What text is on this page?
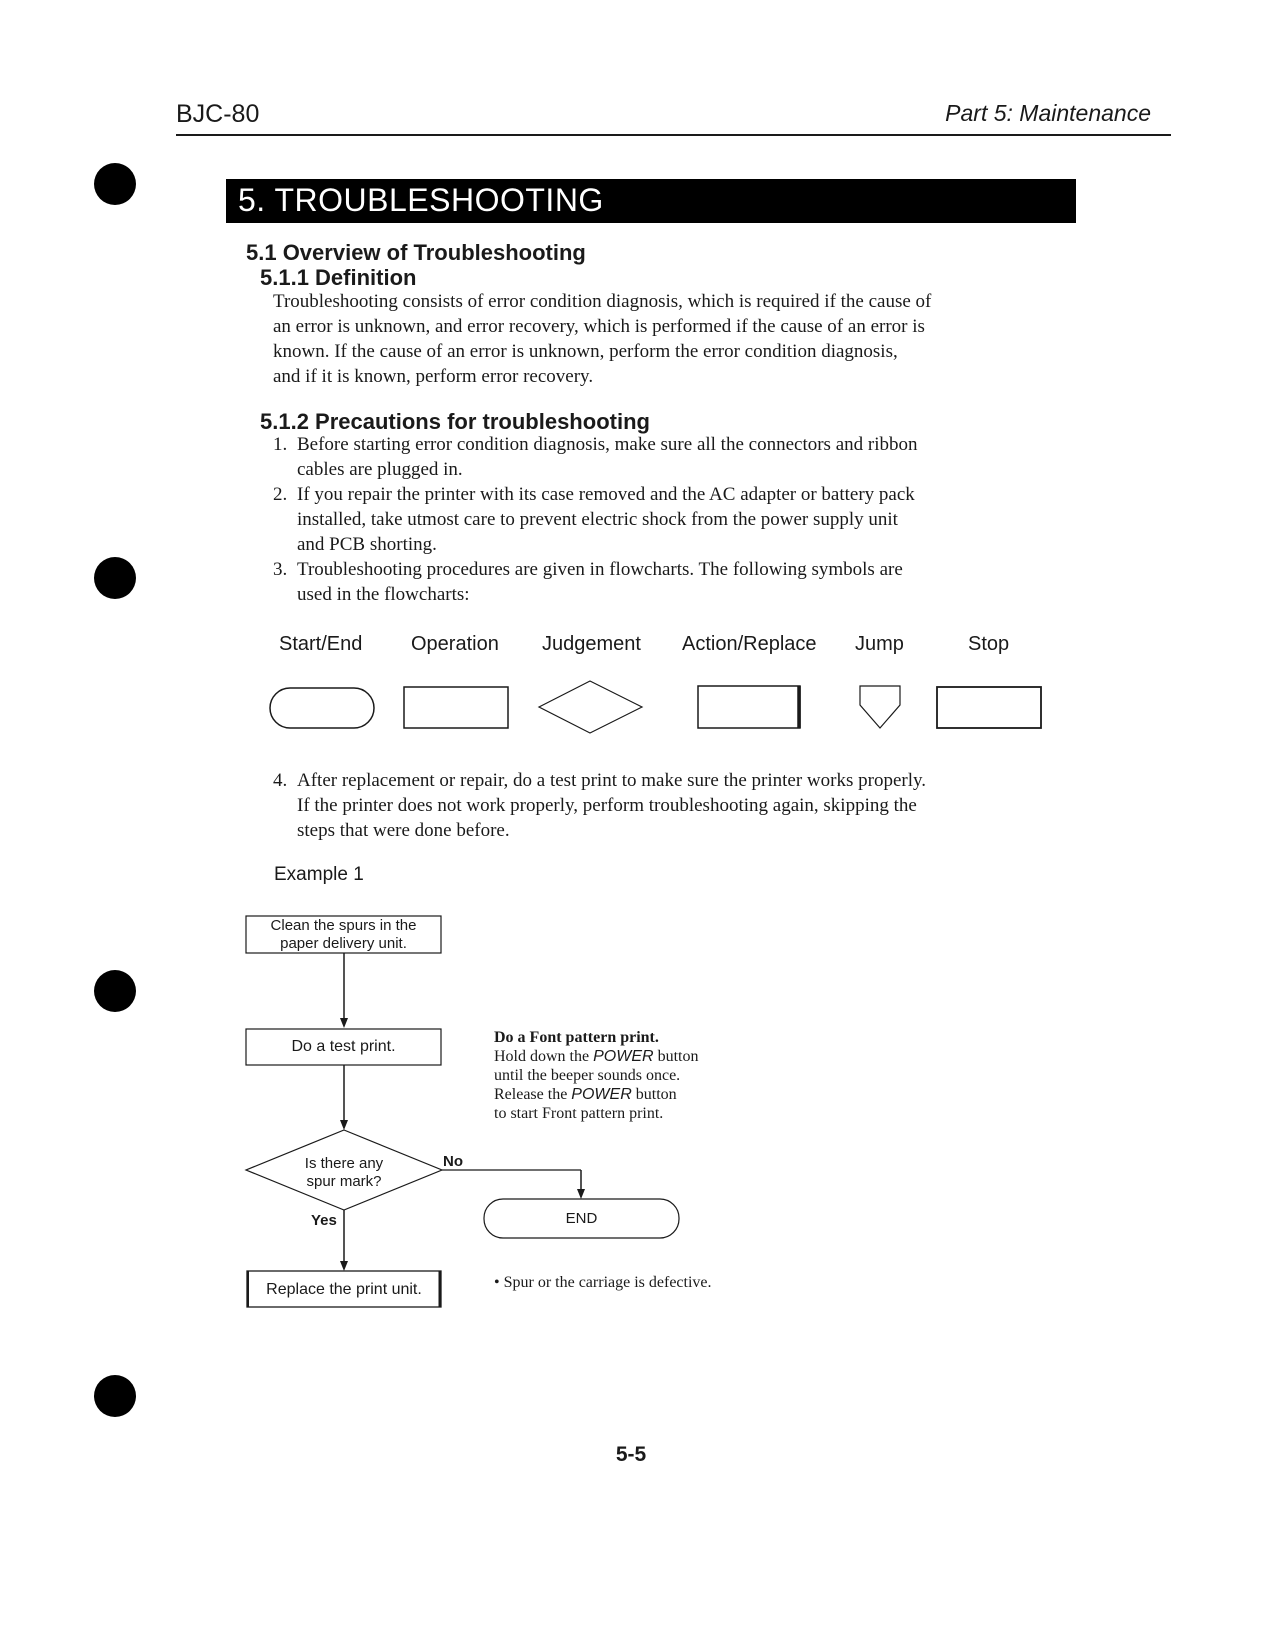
BJC-80	Part 5: Maintenance
5. TROUBLESHOOTING
5.1 Overview of Troubleshooting
5.1.1 Definition

Troubleshooting consists of error condition diagnosis, which is required if the cause of

an error is unknown, and error recovery, which is performed if the cause of an error is

known. If the cause of an error is unknown, perform the error condition diagnosis,

and if it is known, perform error recovery.

5.1.2 Precautions for troubleshooting
1. Before starting error condition diagnosis, make sure all the connectors and ribbon
cables are plugged in.
2. If you repair the printer with its case removed and the AC adapter or battery pack
installed, take utmost care to prevent electric shock from the power supply unit
and PCB shorting.
3. Troubleshooting procedures are given in flowcharts. The following symbols are
used in the flowcharts:
Start/End Operation Judgement Action/Replace Jump	Stop
4. After replacement or repair, do a test print to make sure the printer works properly.
If the printer does not work properly, perform troubleshooting again, skipping the
steps that were done before.
Example 1
Clean the spurs in the
paper delivery unit.
Do a test print.
Is there any
spur mark?
No
Yes	END
Replace the print unit.
Do a Font pattern print.
Hold down the POWER button
until the beeper sounds once.
Release the POWER button
to start Front pattern print.
• Spur or the carriage is defective.
5-5
